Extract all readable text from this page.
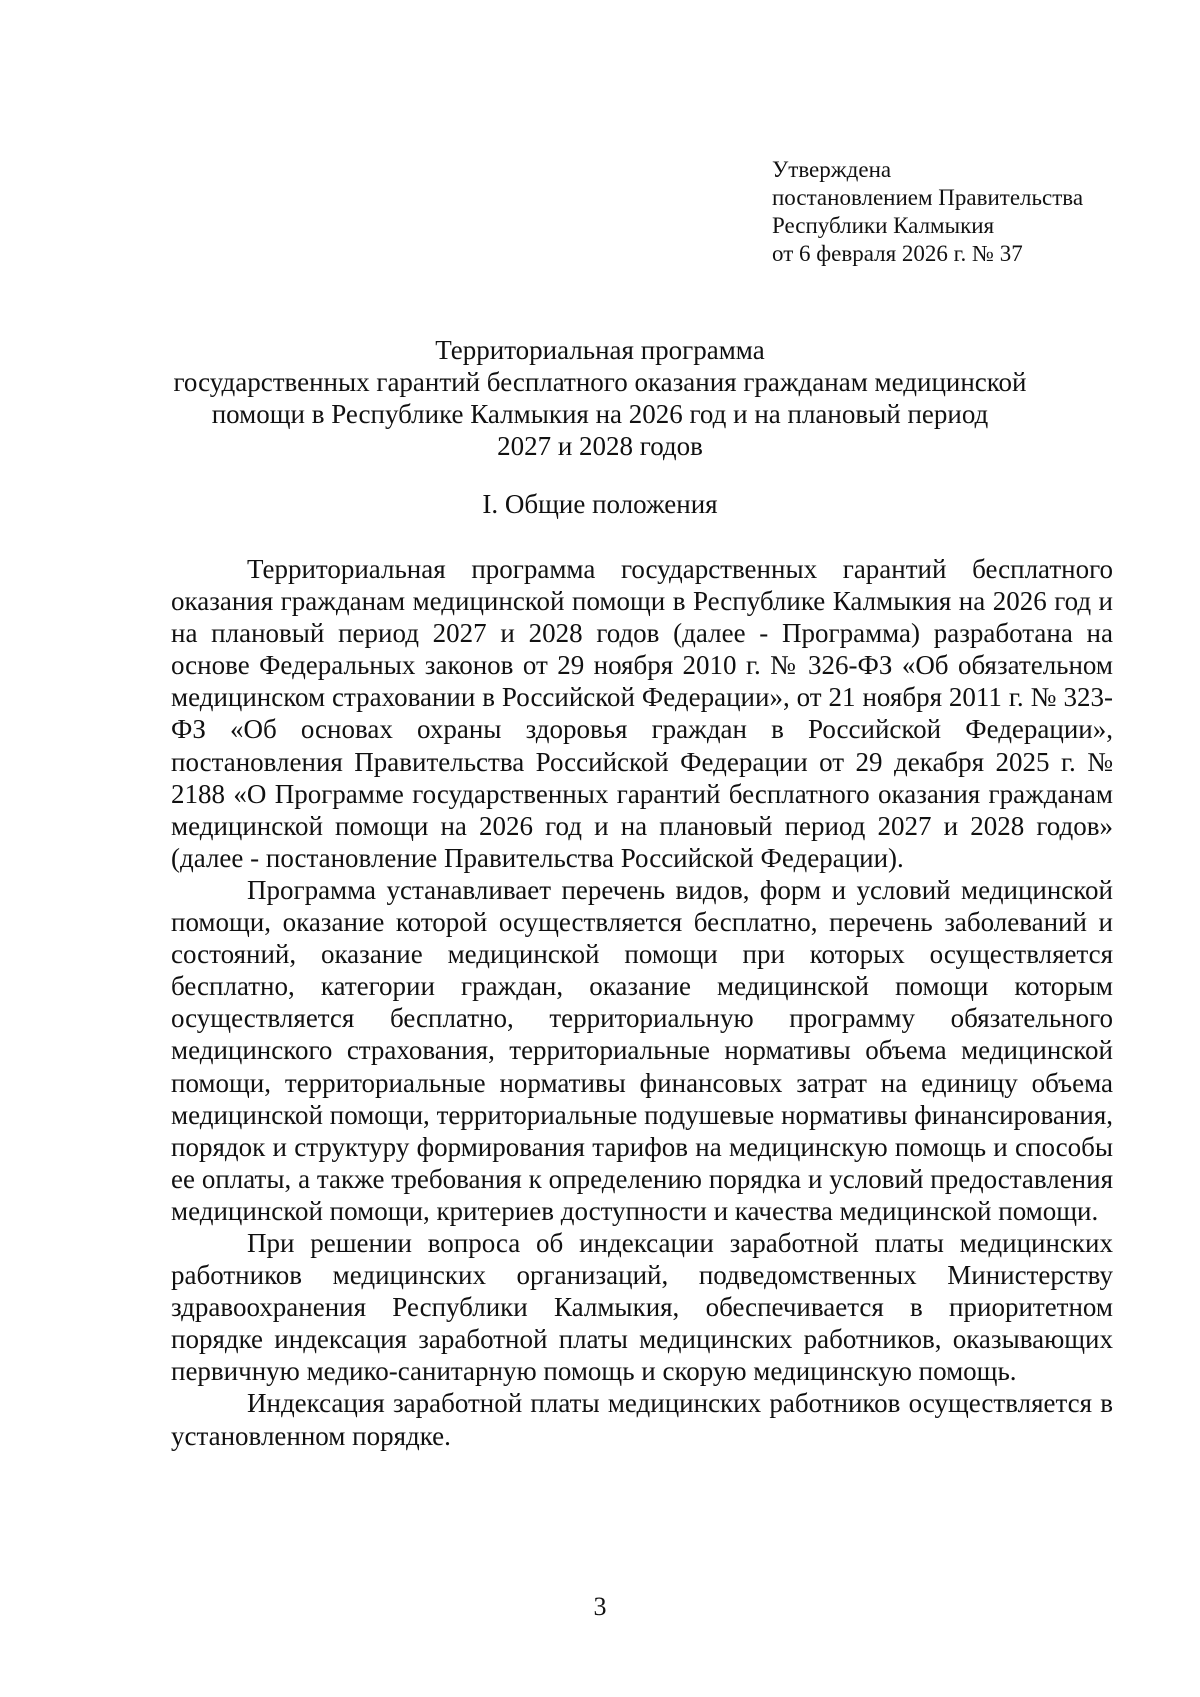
Утверждена
постановлением Правительства
Республики Калмыкия
от 6 февраля 2026 г. № 37
Территориальная программа
государственных гарантий бесплатного оказания гражданам медицинской
помощи в Республике Калмыкия на 2026 год и на плановый период
2027 и 2028 годов
I. Общие положения

Территориальная программа государственных гарантий бесплатного оказания гражданам медицинской помощи в Республике Калмыкия на 2026 год и на плановый период 2027 и 2028 годов (далее - Программа) разработана на основе Федеральных законов от 29 ноября 2010 г. № 326-ФЗ «Об обязательном медицинском страховании в Российской Федерации», от 21 ноября 2011 г. № 323-ФЗ «Об основах охраны здоровья граждан в Российской Федерации», постановления Правительства Российской Федерации от 29 декабря 2025 г. № 2188 «О Программе государственных гарантий бесплатного оказания гражданам медицинской помощи на 2026 год и на плановый период 2027 и 2028 годов» (далее - постановление Правительства Российской Федерации).

Программа устанавливает перечень видов, форм и условий медицинской помощи, оказание которой осуществляется бесплатно, перечень заболеваний и состояний, оказание медицинской помощи при которых осуществляется бесплатно, категории граждан, оказание медицинской помощи которым осуществляется бесплатно, территориальную программу обязательного медицинского страхования, территориальные нормативы объема медицинской помощи, территориальные нормативы финансовых затрат на единицу объема медицинской помощи, территориальные подушевые нормативы финансирования, порядок и структуру формирования тарифов на медицинскую помощь и способы ее оплаты, а также требования к определению порядка и условий предоставления медицинской помощи, критериев доступности и качества медицинской помощи.

При решении вопроса об индексации заработной платы медицинских работников медицинских организаций, подведомственных Министерству здравоохранения Республики Калмыкия, обеспечивается в приоритетном порядке индексация заработной платы медицинских работников, оказывающих первичную медико-санитарную помощь и скорую медицинскую помощь.

Индексация заработной платы медицинских работников осуществляется в установленном порядке.

3
